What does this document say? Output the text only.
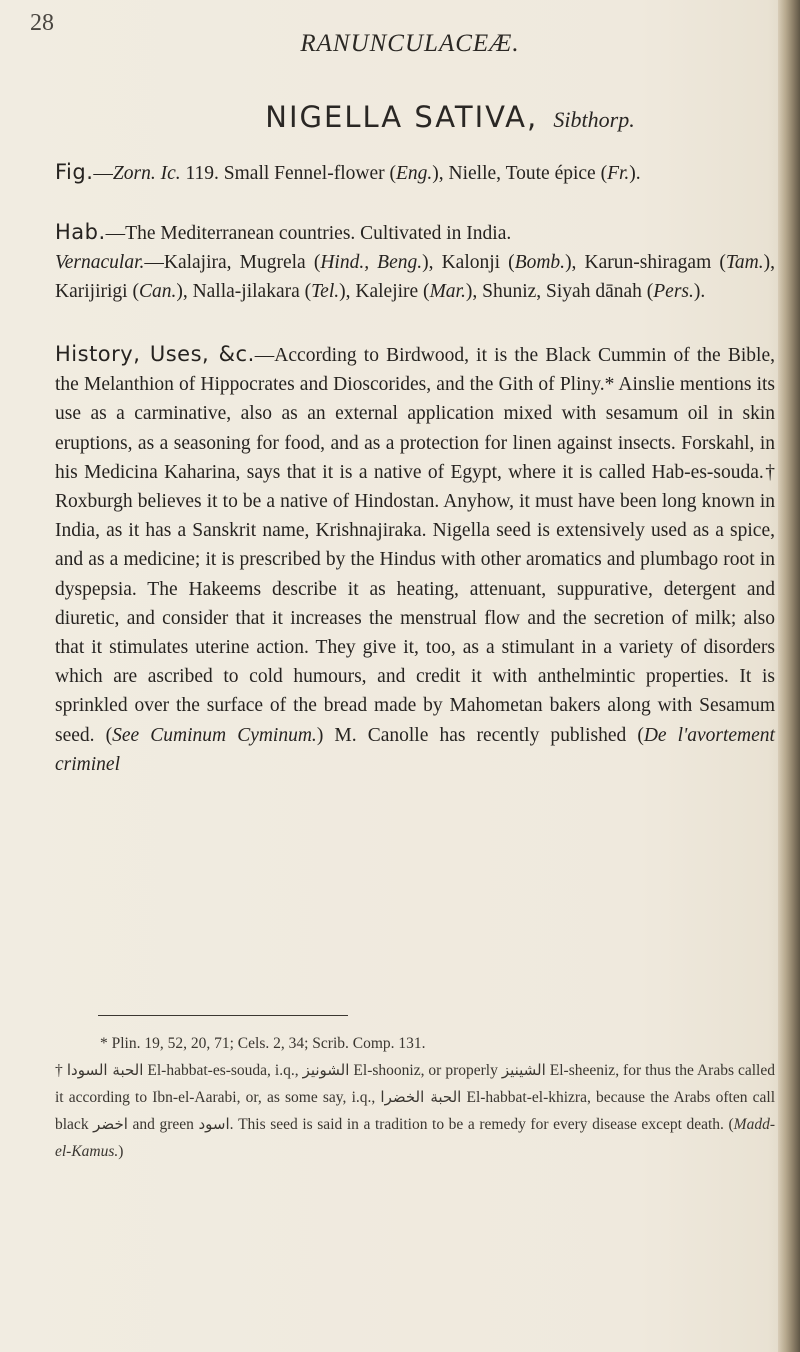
28
RANUNCULACEÆ.
NIGELLA SATIVA, Sibthorp.
Fig.—Zorn. Ic. 119. Small Fennel-flower (Eng.), Nielle, Toute épice (Fr.).
Hab.—The Mediterranean countries. Cultivated in India.
Vernacular.—Kalajira, Mugrela (Hind., Beng.), Kalonji (Bomb.), Karun-shiragam (Tam.), Karijirigi (Can.), Nalla-jilakara (Tel.), Kalejire (Mar.), Shuniz, Siyah dānah (Pers.).
History, Uses, &c.—According to Birdwood, it is the Black Cummin of the Bible, the Melanthion of Hippocrates and Dioscorides, and the Gith of Pliny.* Ainslie mentions its use as a carminative, also as an external application mixed with sesamum oil in skin eruptions, as a seasoning for food, and as a protection for linen against insects. Forskahl, in his Medicina Kaharina, says that it is a native of Egypt, where it is called Hab-es-souda.† Roxburgh believes it to be a native of Hindostan. Anyhow, it must have been long known in India, as it has a Sanskrit name, Krishnajiraka. Nigella seed is extensively used as a spice, and as a medicine; it is prescribed by the Hindus with other aromatics and plumbago root in dyspepsia. The Hakeems describe it as heating, attenuant, suppurative, detergent and diuretic, and consider that it increases the menstrual flow and the secretion of milk; also that it stimulates uterine action. They give it, too, as a stimulant in a variety of disorders which are ascribed to cold humours, and credit it with anthelmintic properties. It is sprinkled over the surface of the bread made by Mahometan bakers along with Sesamum seed. (See Cuminum Cyminum.) M. Canolle has recently published (De l'avortement criminel
* Plin. 19, 52, 20, 71; Cels. 2, 34; Scrib. Comp. 131.
† الحبة السودا El-habbat-es-souda, i.q., الشونيز El-shooniz, or properly الشينيز El-sheeniz, for thus the Arabs called it according to Ibn-el-Aarabi, or, as some say, i.q., الحبة الخضرا El-habbat-el-khizra, because the Arabs often call black اخضر and green اسود. This seed is said in a tradition to be a remedy for every disease except death. (Madd-el-Kamus.)
